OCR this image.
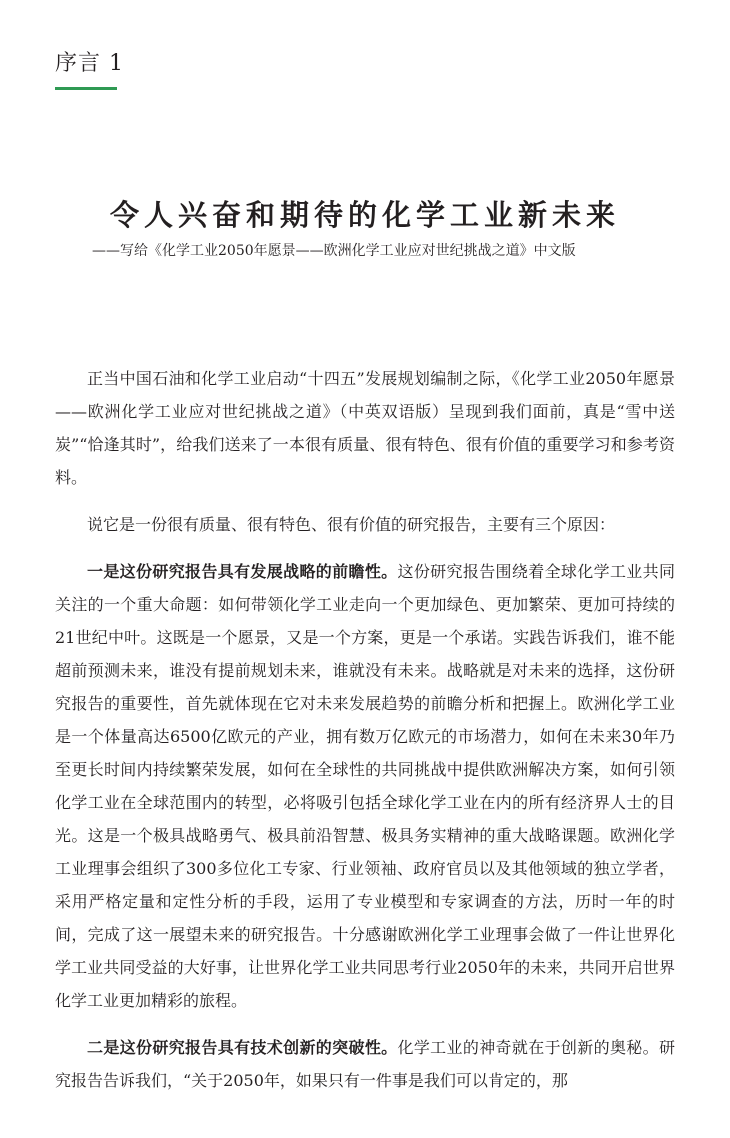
序言 1
令人兴奋和期待的化学工业新未来
——写给《化学工业2050年愿景——欧洲化学工业应对世纪挑战之道》中文版

正当中国石油和化学工业启动“十四五”发展规划编制之际，《化学工业2050年愿景——欧洲化学工业应对世纪挑战之道》（中英双语版）呈现到我们面前，真是“雪中送炭”“恰逢其时”，给我们送来了一本很有质量、很有特色、很有价值的重要学习和参考资料。

说它是一份很有质量、很有特色、很有价值的研究报告，主要有三个原因：

一是这份研究报告具有发展战略的前瞻性。这份研究报告围绕着全球化学工业共同关注的一个重大命题：如何带领化学工业走向一个更加绿色、更加繁荣、更加可持续的21世纪中叶。这既是一个愿景，又是一个方案，更是一个承诺。实践告诉我们，谁不能超前预测未来，谁没有提前规划未来，谁就没有未来。战略就是对未来的选择，这份研究报告的重要性，首先就体现在它对未来发展趋势的前瞻分析和把握上。欧洲化学工业是一个体量高达6500亿欧元的产业，拥有数万亿欧元的市场潜力，如何在未来30年乃至更长时间内持续繁荣发展，如何在全球性的共同挑战中提供欧洲解决方案，如何引领化学工业在全球范围内的转型，必将吸引包括全球化学工业在内的所有经济界人士的目光。这是一个极具战略勇气、极具前沿智慧、极具务实精神的重大战略课题。欧洲化学工业理事会组织了300多位化工专家、行业领袖、政府官员以及其他领域的独立学者，采用严格定量和定性分析的手段，运用了专业模型和专家调查的方法，历时一年的时间，完成了这一展望未来的研究报告。十分感谢欧洲化学工业理事会做了一件让世界化学工业共同受益的大好事，让世界化学工业共同思考行业2050年的未来，共同开启世界化学工业更加精彩的旅程。

二是这份研究报告具有技术创新的突破性。化学工业的神奇就在于创新的奥秘。研究报告告诉我们，“关于2050年，如果只有一件事是我们可以肯定的，那
